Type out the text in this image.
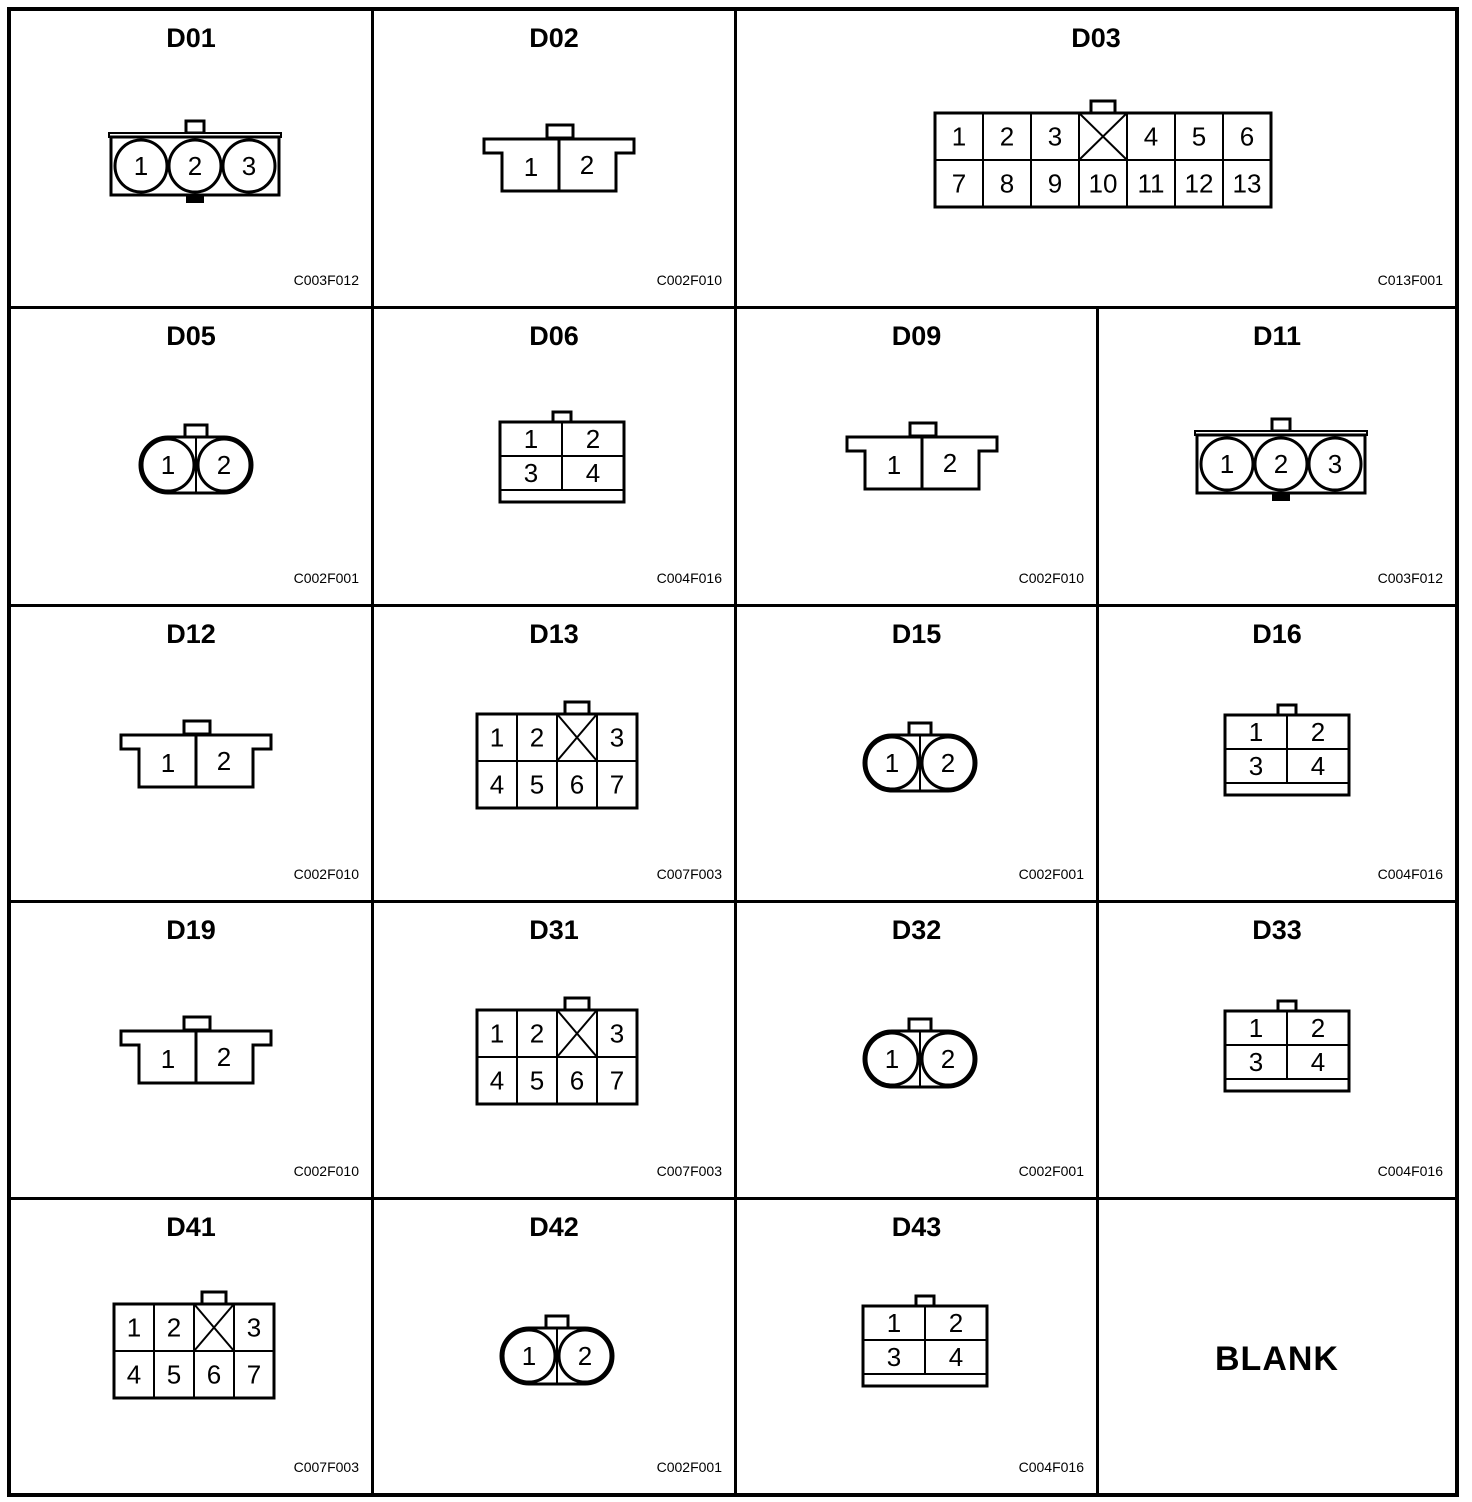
D01
1 2 3
C003F012
D02
1 2
C002F010
D03
1 2 3	4 5 6
7 8 9 10 11 12 13
C013F001
D05
1 2
C002F001
D06
1 2
3 4
C004F016
D09
1 2
C002F010
D11
1 2 3
C003F012
D12
1 2
C002F010
D13
1 2	3
4 5 6 7
C007F003
D15
1 2
C002F001
D16
1 2
3 4
C004F016
D19
1 2
C002F010
D31
1 2	3
4 5 6 7
C007F003
D32
1 2
C002F001
D33
1 2
3 4
C004F016
D41
1 2	3
4 5 6 7
C007F003
D42
1 2
C002F001
D43
1 2
3 4
C004F016
BLANK
